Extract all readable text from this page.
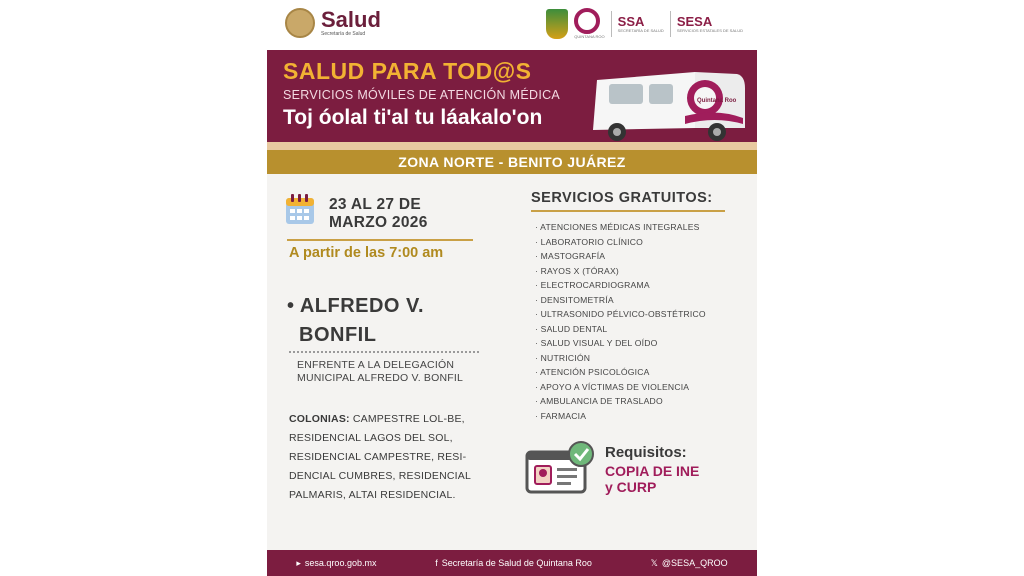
Salud
Secretaría de Salud	QUINTANA ROO
SSA
SECRETARÍA DE SALUD
SESA
SERVICIOS ESTATALES DE SALUD
SALUD PARA TOD@S
SERVICIOS MÓVILES DE ATENCIÓN MÉDICA
Toj óolal ti'al tu láakalo'on
Quintana Roo
ZONA NORTE - BENITO JUÁREZ
23 AL 27 DE
MARZO 2026
A partir de las 7:00 am
• ALFREDO V.
BONFIL
ENFRENTE A LA DELEGACIÓN MUNICIPAL ALFREDO V. BONFIL
COLONIAS: CAMPESTRE LOL-BE, RESIDENCIAL LAGOS DEL SOL, RESIDENCIAL CAMPESTRE, RESI-DENCIAL CUMBRES, RESIDENCIAL PALMARIS, ALTAI RESIDENCIAL.
SERVICIOS GRATUITOS:
· ATENCIONES MÉDICAS INTEGRALES
· LABORATORIO CLÍNICO
· MASTOGRAFÍA
· RAYOS X (TÓRAX)
· ELECTROCARDIOGRAMA
· DENSITOMETRÍA
· ULTRASONIDO PÉLVICO-OBSTÉTRICO
· SALUD DENTAL
· SALUD VISUAL Y DEL OÍDO
· NUTRICIÓN
· ATENCIÓN PSICOLÓGICA
· APOYO A VÍCTIMAS DE VIOLENCIA
· AMBULANCIA DE TRASLADO
· FARMACIA
Requisitos:
COPIA DE INE
y CURP
▸ sesa.qroo.gob.mx	f Secretaría de Salud de Quintana Roo	𝕏 @SESA_QROO
